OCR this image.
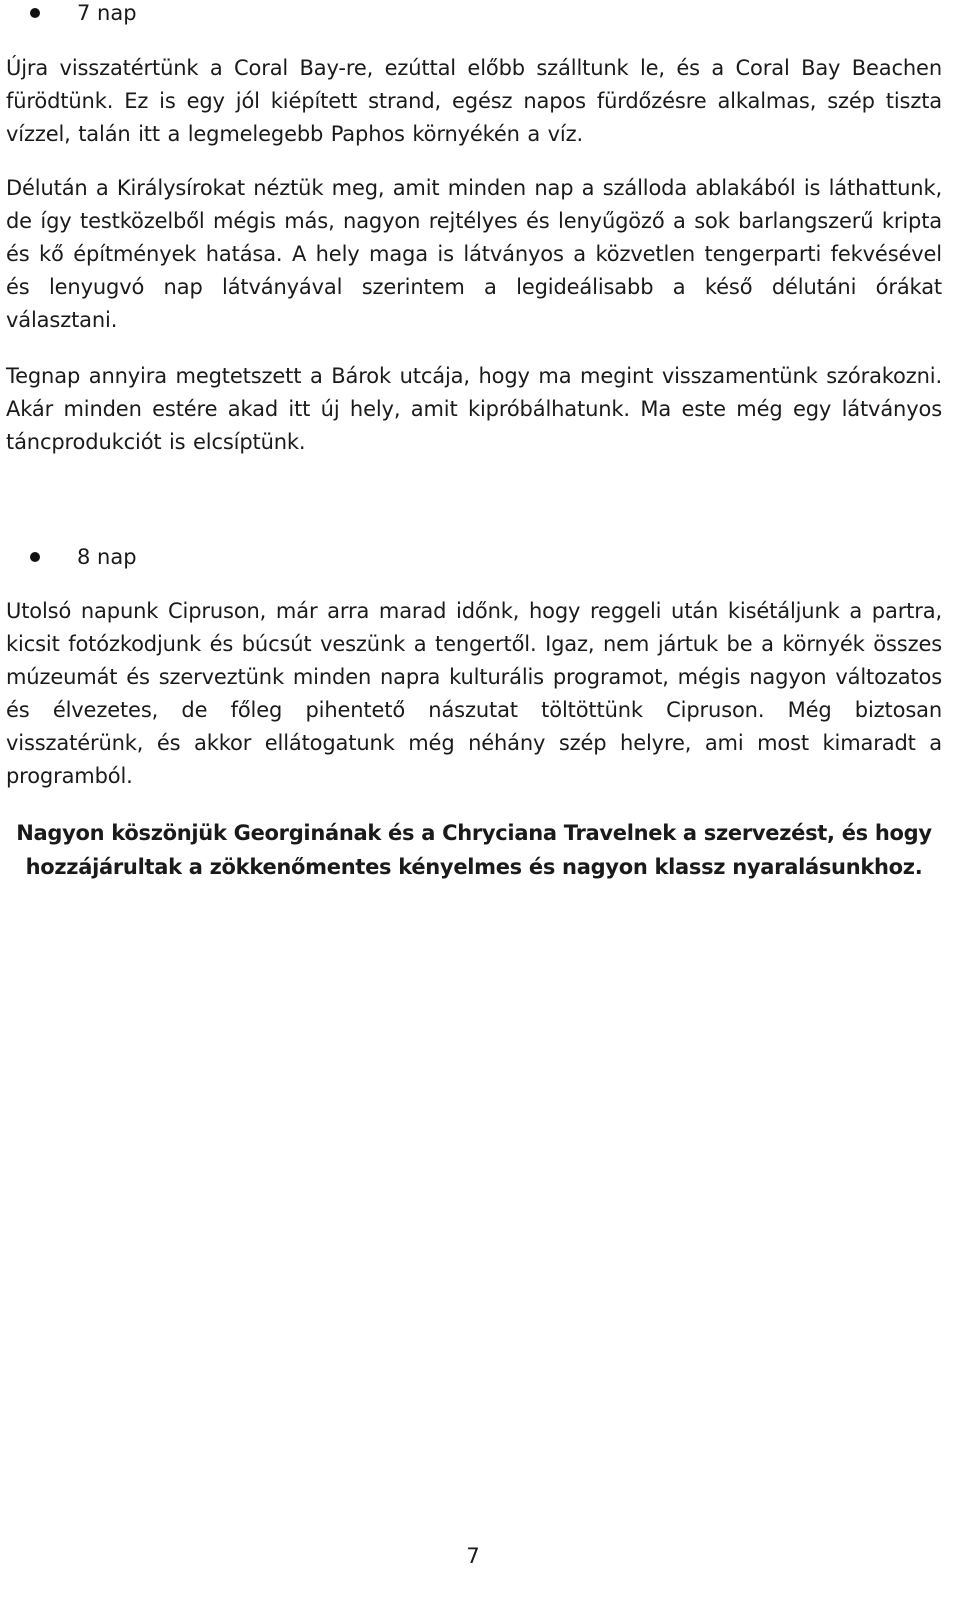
7 nap

Újra visszatértünk a Coral Bay-re, ezúttal előbb szálltunk le, és a Coral Bay Beachen fürödtünk. Ez is egy jól kiépített strand, egész napos fürdőzésre alkalmas, szép tiszta vízzel, talán itt a legmelegebb Paphos környékén a víz.

Délután a Királysírokat néztük meg, amit minden nap a szálloda ablakából is láthattunk, de így testközelből mégis más, nagyon rejtélyes és lenyűgöző a sok barlangszerű kripta és kő építmények hatása. A hely maga is látványos a közvetlen tengerparti fekvésével és lenyugvó nap látványával szerintem a legideálisabb a késő délutáni órákat választani.

Tegnap annyira megtetszett a Bárok utcája, hogy ma megint visszamentünk szórakozni. Akár minden estére akad itt új hely, amit kipróbálhatunk. Ma este még egy látványos táncprodukciót is elcsíptünk.

8 nap

Utolsó napunk Cipruson, már arra marad időnk, hogy reggeli után kisétáljunk a partra, kicsit fotózkodjunk és búcsút veszünk a tengertől. Igaz, nem jártuk be a környék összes múzeumát és szerveztünk minden napra kulturális programot, mégis nagyon változatos és élvezetes, de főleg pihentető nászutat töltöttünk Cipruson. Még biztosan visszatérünk, és akkor ellátogatunk még néhány szép helyre, ami most kimaradt a programból.

Nagyon köszönjük Georginának és a Chryciana Travelnek a szervezést, és hogy hozzájárultak a zökkenőmentes kényelmes és nagyon klassz nyaralásunkhoz.

7
